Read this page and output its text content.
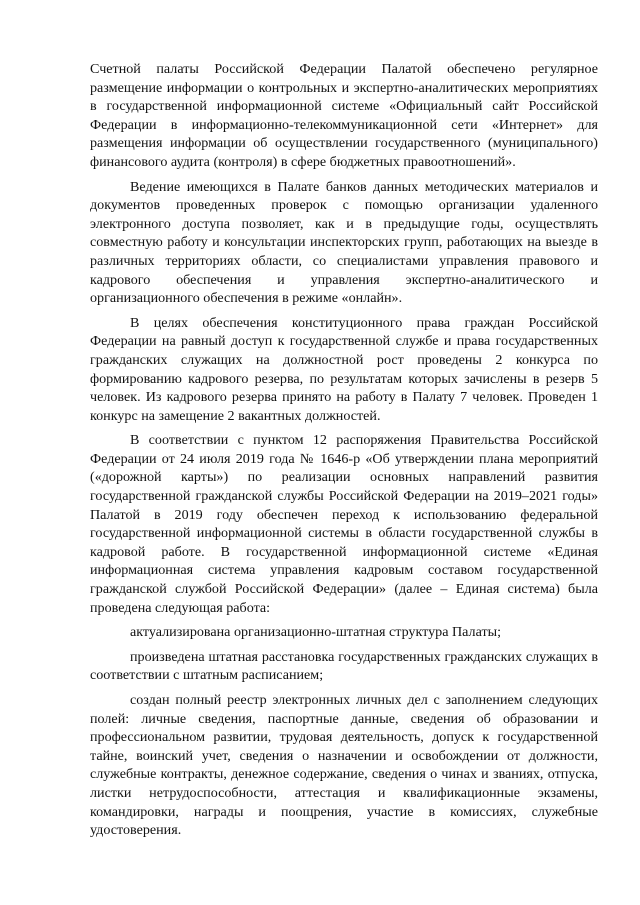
Счетной палаты Российской Федерации Палатой обеспечено регулярное размещение информации о контрольных и экспертно-аналитических мероприятиях в государственной информационной системе «Официальный сайт Российской Федерации в информационно-телекоммуникационной сети «Интернет» для размещения информации об осуществлении государственного (муниципального) финансового аудита (контроля) в сфере бюджетных правоотношений».

Ведение имеющихся в Палате банков данных методических материалов и документов проведенных проверок с помощью организации удаленного электронного доступа позволяет, как и в предыдущие годы, осуществлять совместную работу и консультации инспекторских групп, работающих на выезде в различных территориях области, со специалистами управления правового и кадрового обеспечения и управления экспертно-аналитического и организационного обеспечения в режиме «онлайн».

В целях обеспечения конституционного права граждан Российской Федерации на равный доступ к государственной службе и права государственных гражданских служащих на должностной рост проведены 2 конкурса по формированию кадрового резерва, по результатам которых зачислены в резерв 5 человек. Из кадрового резерва принято на работу в Палату 7 человек. Проведен 1 конкурс на замещение 2 вакантных должностей.

В соответствии с пунктом 12 распоряжения Правительства Российской Федерации от 24 июля 2019 года № 1646-р «Об утверждении плана мероприятий («дорожной карты») по реализации основных направлений развития государственной гражданской службы Российской Федерации на 2019–2021 годы» Палатой в 2019 году обеспечен переход к использованию федеральной государственной информационной системы в области государственной службы в кадровой работе. В государственной информационной системе «Единая информационная система управления кадровым составом государственной гражданской службой Российской Федерации» (далее – Единая система) была проведена следующая работа:

актуализирована организационно-штатная структура Палаты;

произведена штатная расстановка государственных гражданских служащих в соответствии с штатным расписанием;

создан полный реестр электронных личных дел с заполнением следующих полей: личные сведения, паспортные данные, сведения об образовании и профессиональном развитии, трудовая деятельность, допуск к государственной тайне, воинский учет, сведения о назначении и освобождении от должности, служебные контракты, денежное содержание, сведения о чинах и званиях, отпуска, листки нетрудоспособности, аттестация и квалификационные экзамены, командировки, награды и поощрения, участие в комиссиях, служебные удостоверения.
